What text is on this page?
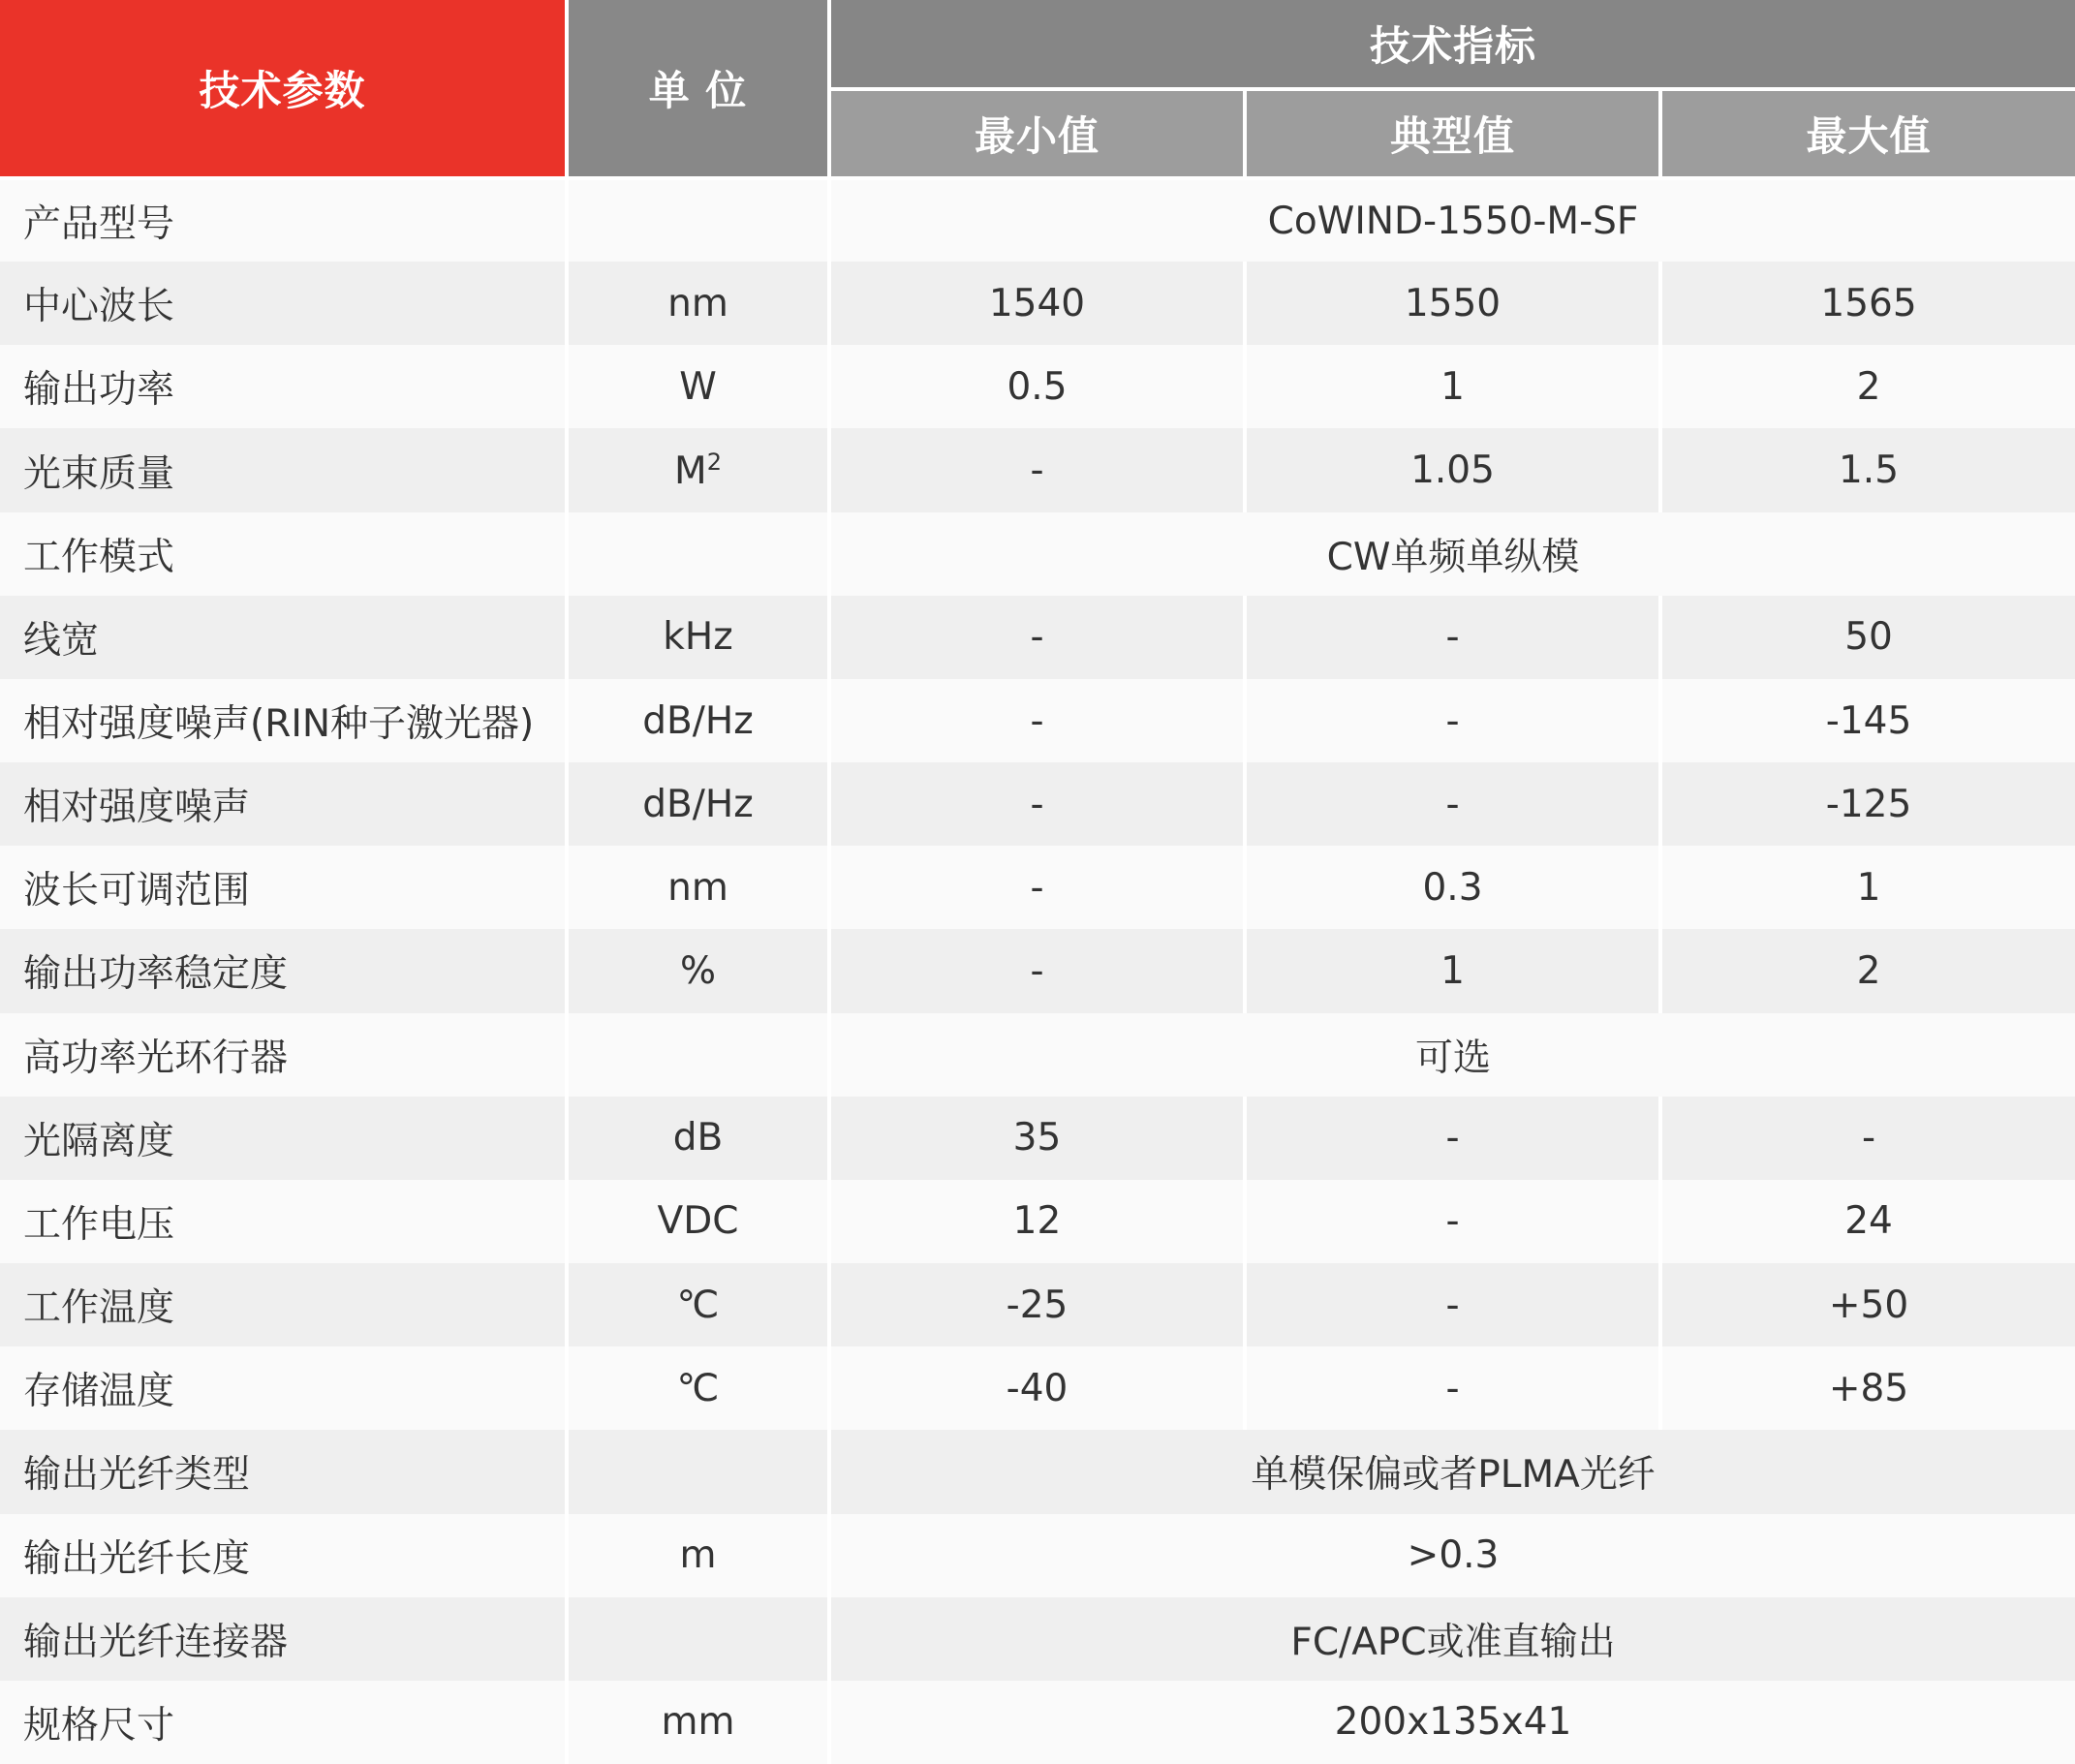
技术参数	单 位	技术指标		
		最小值	典型值	最大值
产品型号		CoWIND-1550-M-SF		
中心波长	nm	1540	1550	1565
输出功率	W	0.5	1	2
光束质量	$M^2$	-	1.05	1.5
工作模式		CW单频单纵模		
线宽	kHz	-	-	50
相对强度噪声(RIN种子激光器)	dB/Hz	-	-	-145
相对强度噪声	dB/Hz	-	-	-125
波长可调范围	nm	-	0.3	1
输出功率稳定度	%	-	1	2
高功率光环行器		可选		
光隔离度	dB	35	-	-
工作电压	VDC	12	-	24
工作温度	℃	-25	-	+50
存储温度	℃	-40	-	+85
输出光纤类型		单模保偏或者PLMA光纤		
输出光纤长度	m	>0.3		
输出光纤连接器		FC/APC或准直输出		
规格尺寸	mm	200x135x41		
